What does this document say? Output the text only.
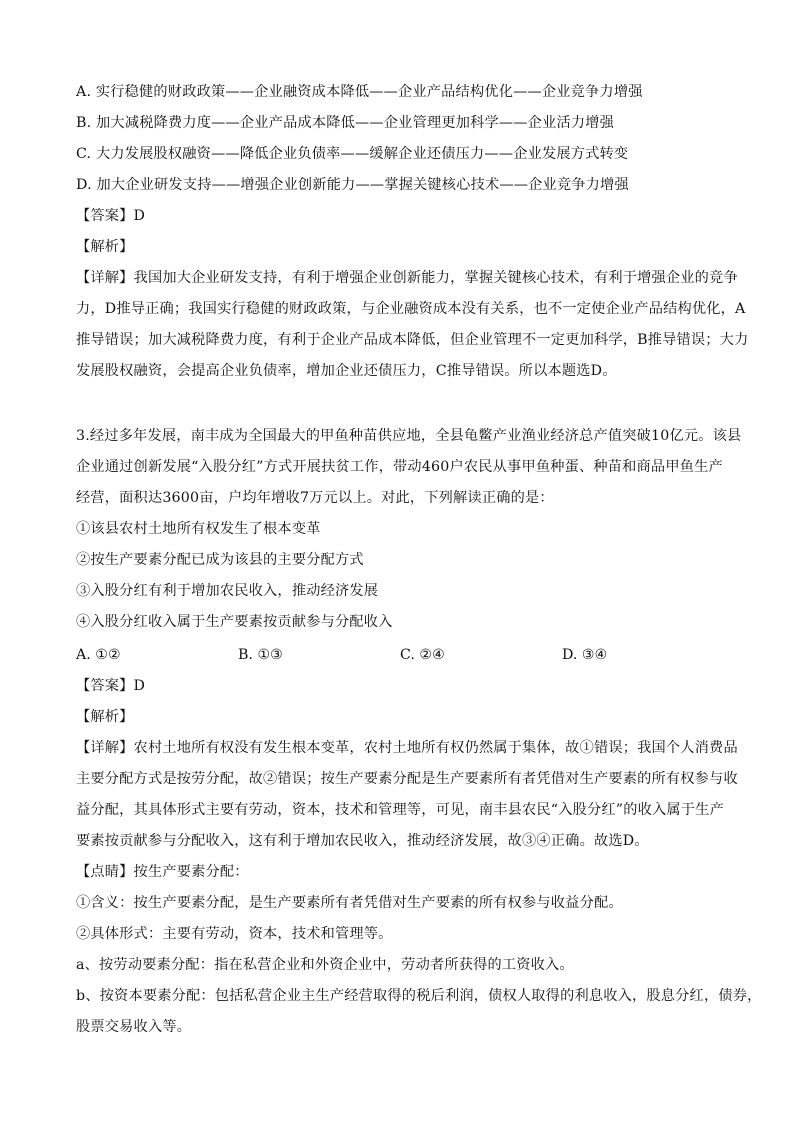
A. 实行稳健的财政政策——企业融资成本降低——企业产品结构优化——企业竞争力增强
B. 加大减税降费力度——企业产品成本降低——企业管理更加科学——企业活力增强
C. 大力发展股权融资——降低企业负债率——缓解企业还债压力——企业发展方式转变
D. 加大企业研发支持——增强企业创新能力——掌握关键核心技术——企业竞争力增强
【答案】D
【解析】
【详解】我国加大企业研发支持，有利于增强企业创新能力，掌握关键核心技术，有利于增强企业的竞争
力，D推导正确；我国实行稳健的财政政策，与企业融资成本没有关系，也不一定使企业产品结构优化，A
推导错误；加大减税降费力度，有利于企业产品成本降低，但企业管理不一定更加科学，B推导错误；大力
发展股权融资，会提高企业负债率，增加企业还债压力，C推导错误。所以本题选D。
3.经过多年发展，南丰成为全国最大的甲鱼种苗供应地，全县龟鳖产业渔业经济总产值突破10亿元。该县
企业通过创新发展“入股分红”方式开展扶贫工作，带动460户农民从事甲鱼种蛋、种苗和商品甲鱼生产
经营，面积达3600亩，户均年增收7万元以上。对此，下列解读正确的是：
①该县农村土地所有权发生了根本变革
②按生产要素分配已成为该县的主要分配方式
③入股分红有利于增加农民收入，推动经济发展
④入股分红收入属于生产要素按贡献参与分配收入
A. ①②	B. ①③	C. ②④	D. ③④
【答案】D
【解析】
【详解】农村土地所有权没有发生根本变革，农村土地所有权仍然属于集体，故①错误；我国个人消费品
主要分配方式是按劳分配，故②错误；按生产要素分配是生产要素所有者凭借对生产要素的所有权参与收
益分配，其具体形式主要有劳动，资本，技术和管理等，可见，南丰县农民“入股分红”的收入属于生产
要素按贡献参与分配收入，这有利于增加农民收入，推动经济发展，故③④正确。故选D。
【点睛】按生产要素分配：
①含义：按生产要素分配，是生产要素所有者凭借对生产要素的所有权参与收益分配。
②具体形式：主要有劳动，资本，技术和管理等。
a、按劳动要素分配：指在私营企业和外资企业中，劳动者所获得的工资收入。
b、按资本要素分配：包括私营企业主生产经营取得的税后利润，债权人取得的利息收入，股息分红，债券，
股票交易收入等。
